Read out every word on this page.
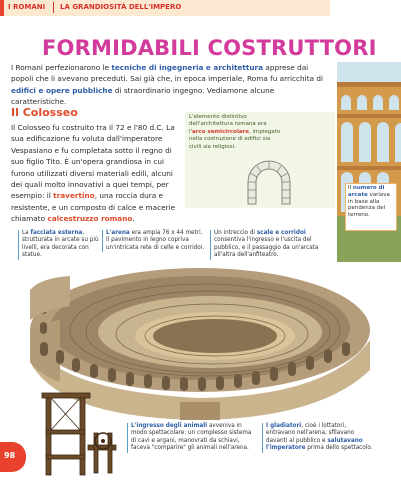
I ROMANI LA GRANDIOSITÀ DELL'IMPERO
FORMIDABILI COSTRUTTORI
I Romani perfezionarono le tecniche di ingegneria e architettura apprese dai popoli che li avevano preceduti. Sai già che, in epoca imperiale, Roma fu arricchita di edifici e opere pubbliche di straordinario ingegno. Vediamone alcune caratteristiche.
Il Colosseo
Il Colosseo fu costruito tra il 72 e l'80 d.C. La sua edificazione fu voluta dall'imperatore Vespasiano e fu completata sotto il regno di suo figlio Tito. È un'opera grandiosa in cui furono utilizzati diversi materiali edili, alcuni dei quali molto innovativi a quei tempi, per esempio: il travertino, una roccia dura e resistente, e un composto di calce e macerie chiamato calcestruzzo romano.
L'elemento distintivo dell'architettura romana era l'arco semicircolare, impiegato nella costruzione di edifici sia civili sia religiosi.
Il numero di arcate variava in base alla pendenza del terreno.
La facciata esterna, strutturata in arcate su più livelli, era decorata con statue.
L'arena era ampia 76 x 44 metri. Il pavimento in legno copriva un'intricata rete di celle e corridoi.
Un intreccio di scale e corridoi consentiva l'ingresso e l'uscita del pubblico, e il passaggio da un'arcata all'altra dell'anfiteatro.
L'ingresso degli animali avveniva in modo spettacolare: un complesso sistema di cavi e argani, manovrati da schiavi, faceva "comparire" gli animali nell'arena.
I gladiatori, cioè i lottatori, entravano nell'arena, sfilavano davanti al pubblico e salutavano l'imperatore prima dello spettacolo.
98
